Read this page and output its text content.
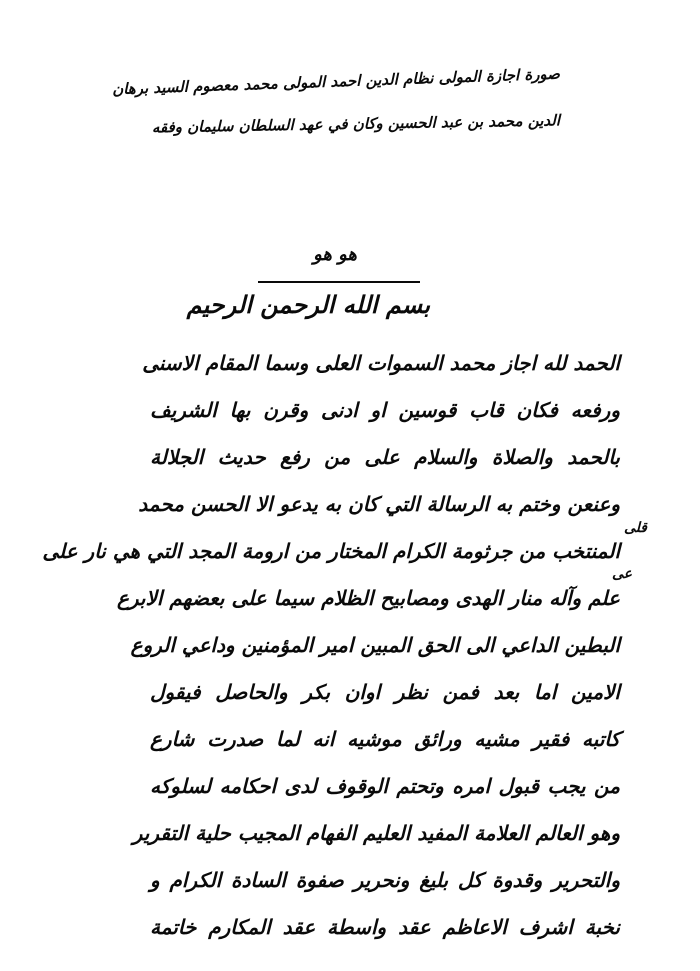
صورة اجازة المولى نظام الدين احمد المولى محمد معصوم السيد برهان
الدين محمد بن عبد الحسين وكان في عهد السلطان سليمان وفقه
هو هو
بسم الله الرحمن الرحيم
الحمد لله اجاز محمد السموات العلى وسما المقام الاسنى
ورفعه فكان قاب قوسين او ادنى وقرن بها الشريف
بالحمد والصلاة والسلام على من رفع حديث الجلالة
وعنعن وختم به الرسالة التي كان به يدعو الا الحسن محمد
المنتخب من جرثومة الكرام المختار من ارومة المجد التي هي نار على
علم وآله منار الهدى ومصابيح الظلام سيما على بعضهم الابرع
البطين الداعي الى الحق المبين امير المؤمنين وداعي الروع
الامين اما بعد فمن نظر اوان بكر والحاصل فيقول
كاتبه فقير مشيه ورائق موشيه انه لما صدرت شارع
من يجب قبول امره وتحتم الوقوف لدى احكامه لسلوكه
وهو العالم العلامة المفيد العليم الفهام المجيب حلية التقرير
والتحرير وقدوة كل بليغ ونحرير صفوة السادة الكرام و
نخبة اشرف الاعاظم عقد واسطة عقد المكارم خاتمة
قلى
عى
